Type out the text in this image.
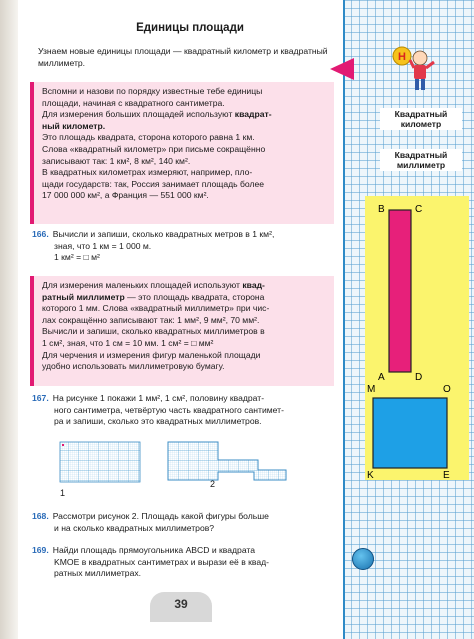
Единицы площади
Узнаем новые единицы площади — квадратный километр и квадратный миллиметр.
Вспомни и назови по порядку известные тебе единицы
площади, начиная с квадратного сантиметра.
Для измерения больших площадей используют квадрат-
ный километр.
Это площадь квадрата, сторона которого равна 1 км.
Слова «квадратный километр» при письме сокращённо
записывают так: 1 км², 8 км², 140 км².
В квадратных километрах измеряют, например, пло-
щади государств: так, Россия занимает площадь более
17 000 000 км², а Франция — 551 000 км².
166. Вычисли и запиши, сколько квадратных метров в 1 км²,
зная, что 1 км = 1 000 м.
1 км² = □ м²
Для измерения маленьких площадей используют квад-
ратный миллиметр — это площадь квадрата, сторона
которого 1 мм. Слова «квадратный миллиметр» при чис-
лах сокращённо записывают так: 1 мм², 9 мм², 70 мм².
Вычисли и запиши, сколько квадратных миллиметров в
1 см², зная, что 1 см = 10 мм. 1 см² = □ мм²
Для черчения и измерения фигур маленькой площади
удобно использовать миллиметровую бумагу.
167. На рисунке 1 покажи 1 мм², 1 см², половину квадрат-
ного сантиметра, четвёртую часть квадратного сантимет-
ра и запиши, сколько это квадратных миллиметров.
1
2
168. Рассмотри рисунок 2. Площадь какой фигуры больше
и на сколько квадратных миллиметров?
169. Найди площадь прямоугольника ABCD и квадрата
KMOE в квадратных сантиметрах и вырази её в квад-
ратных миллиметрах.
39
Н
Квадратный
километр
Квадратный
миллиметр
B	C
A	D
M	O
K	E
